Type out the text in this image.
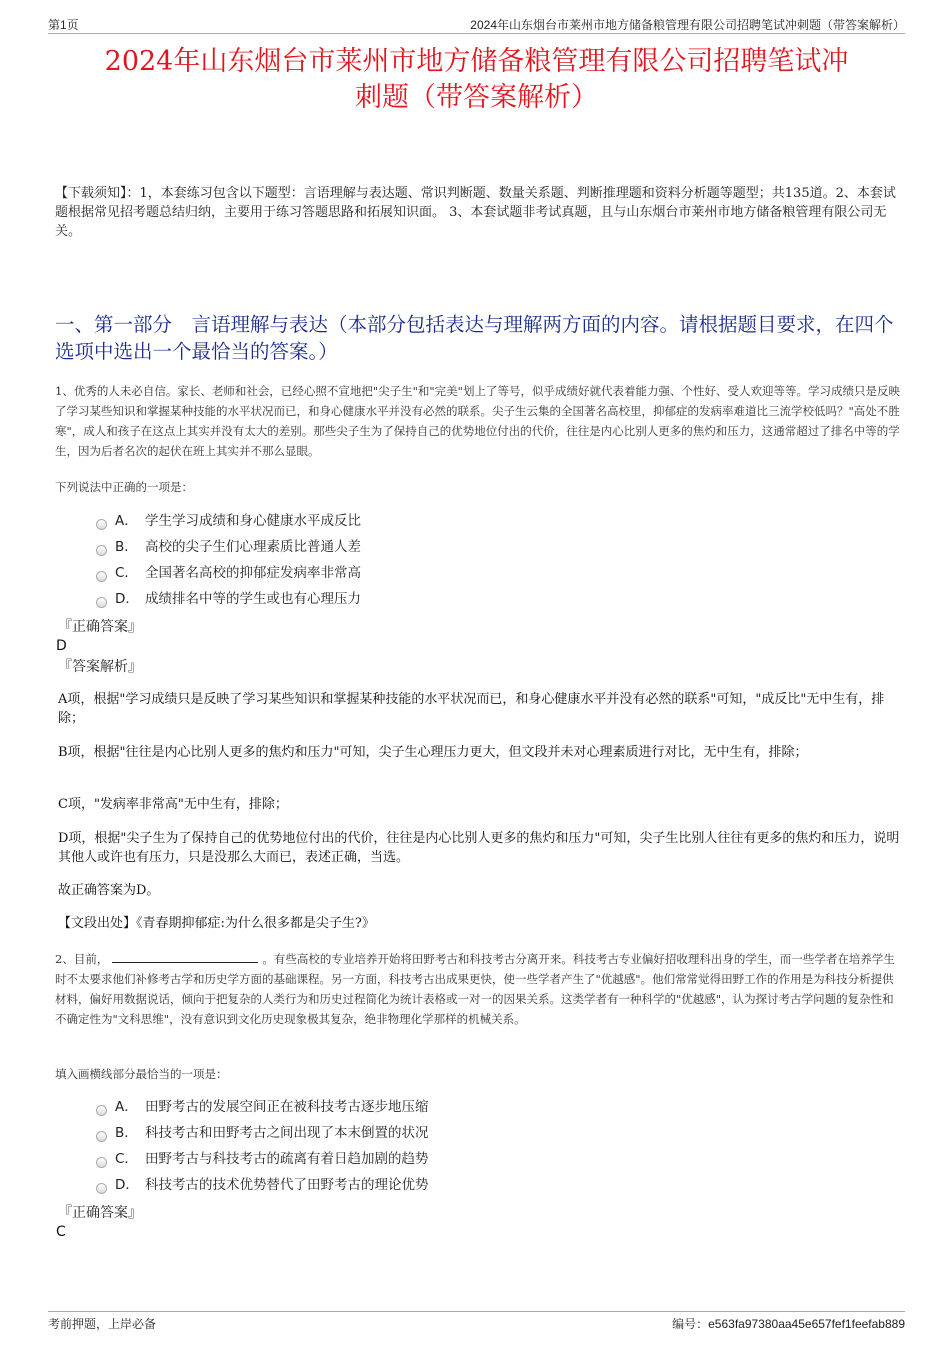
第1页	2024年山东烟台市莱州市地方储备粮管理有限公司招聘笔试冲刺题（带答案解析）
2024年山东烟台市莱州市地方储备粮管理有限公司招聘笔试冲
刺题（带答案解析）
【下载须知】：1，本套练习包含以下题型：言语理解与表达题、常识判断题、数量关系题、判断推理题和资料分析题等题型；共135道。2、本套试题根据常见招考题总结归纳，主要用于练习答题思路和拓展知识面。 3、本套试题非考试真题，且与山东烟台市莱州市地方储备粮管理有限公司无关。
一、第一部分　言语理解与表达（本部分包括表达与理解两方面的内容。请根据题目要求，在四个选项中选出一个最恰当的答案。）
1、优秀的人未必自信。家长、老师和社会，已经心照不宣地把"尖子生"和"完美"划上了等号，似乎成绩好就代表着能力强、个性好、受人欢迎等等。学习成绩只是反映了学习某些知识和掌握某种技能的水平状况而已，和身心健康水平并没有必然的联系。尖子生云集的全国著名高校里，抑郁症的发病率难道比三流学校低吗？"高处不胜寒"，成人和孩子在这点上其实并没有太大的差别。那些尖子生为了保持自己的优势地位付出的代价，往往是内心比别人更多的焦灼和压力，这通常超过了排名中等的学生，因为后者名次的起伏在班上其实并不那么显眼。
下列说法中正确的一项是：
A． 学生学习成绩和身心健康水平成反比
B． 高校的尖子生们心理素质比普通人差
C． 全国著名高校的抑郁症发病率非常高
D． 成绩排名中等的学生或也有心理压力
『正确答案』
D
『答案解析』
A项，根据"学习成绩只是反映了学习某些知识和掌握某种技能的水平状况而已，和身心健康水平并没有必然的联系"可知，"成反比"无中生有，排除；
B项，根据"往往是内心比别人更多的焦灼和压力"可知，尖子生心理压力更大，但文段并未对心理素质进行对比，无中生有，排除；
C项，"发病率非常高"无中生有，排除；
D项，根据"尖子生为了保持自己的优势地位付出的代价，往往是内心比别人更多的焦灼和压力"可知，尖子生比别人往往有更多的焦灼和压力，说明其他人或许也有压力，只是没那么大而已，表述正确，当选。
故正确答案为D。
【文段出处】《青春期抑郁症:为什么很多都是尖子生?》
2、目前，	。有些高校的专业培养开始将田野考古和科技考古分离开来。科技考古专业偏好招收理科出身的学生，而一些学者在培养学生时不太要求他们补修考古学和历史学方面的基础课程。另一方面，科技考古出成果更快，使一些学者产生了"优越感"。他们常常觉得田野工作的作用是为科技分析提供材料，偏好用数据说话，倾向于把复杂的人类行为和历史过程简化为统计表格或一对一的因果关系。这类学者有一种科学的"优越感"，认为探讨考古学问题的复杂性和不确定性为"文科思维"，没有意识到文化历史现象极其复杂，绝非物理化学那样的机械关系。
填入画横线部分最恰当的一项是：
A． 田野考古的发展空间正在被科技考古逐步地压缩
B． 科技考古和田野考古之间出现了本末倒置的状况
C． 田野考古与科技考古的疏离有着日趋加剧的趋势
D． 科技考古的技术优势替代了田野考古的理论优势
『正确答案』
C
考前押题，上岸必备	编号：e563fa97380aa45e657fef1feefab889
